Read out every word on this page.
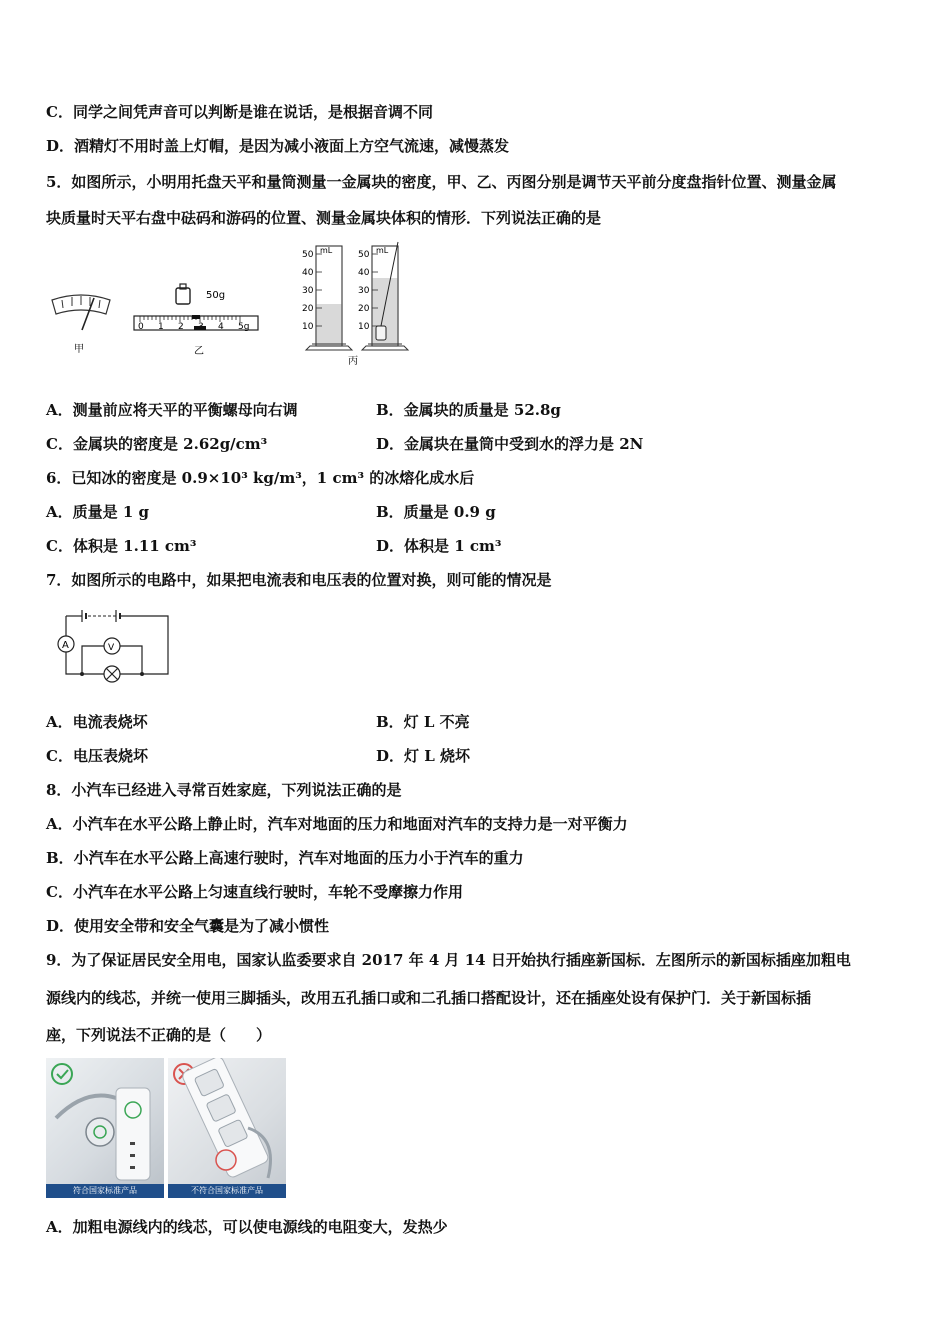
C．同学之间凭声音可以判断是谁在说话，是根据音调不同
D．酒精灯不用时盖上灯帽，是因为减小液面上方空气流速，减慢蒸发
5．如图所示，小明用托盘天平和量筒测量一金属块的密度，甲、乙、丙图分别是调节天平前分度盘指针位置、测量金属
块质量时天平右盘中砝码和游码的位置、测量金属块体积的情形．下列说法正确的是
甲
50g
0 1 2	4 5g
乙
mL
50
40
30
20
10
mL
50
40
30
20
10
丙
A．测量前应将天平的平衡螺母向右调	B．金属块的质量是 52.8g
C．金属块的密度是 2.62g/cm³	D．金属块在量筒中受到水的浮力是 2N
6．已知冰的密度是 0.9×10³ kg/m³，1 cm³ 的冰熔化成水后
A．质量是 1 g	B．质量是 0.9 g
C．体积是 1.11 cm³	D．体积是 1 cm³
7．如图所示的电路中，如果把电流表和电压表的位置对换，则可能的情况是
A	V
A．电流表烧坏	B．灯 L 不亮
C．电压表烧坏	D．灯 L 烧坏
8．小汽车已经进入寻常百姓家庭，下列说法正确的是
A．小汽车在水平公路上静止时，汽车对地面的压力和地面对汽车的支持力是一对平衡力
B．小汽车在水平公路上高速行驶时，汽车对地面的压力小于汽车的重力
C．小汽车在水平公路上匀速直线行驶时，车轮不受摩擦力作用
D．使用安全带和安全气囊是为了减小惯性
9．为了保证居民安全用电，国家认监委要求自 2017 年 4 月 14 日开始执行插座新国标．左图所示的新国标插座加粗电
源线内的线芯，并统一使用三脚插头，改用五孔插口或和二孔插口搭配设计，还在插座处设有保护门．关于新国标插
座，下列说法不正确的是（　　）
符合国家标准产品	不符合国家标准产品
A．加粗电源线内的线芯，可以使电源线的电阻变大，发热少
